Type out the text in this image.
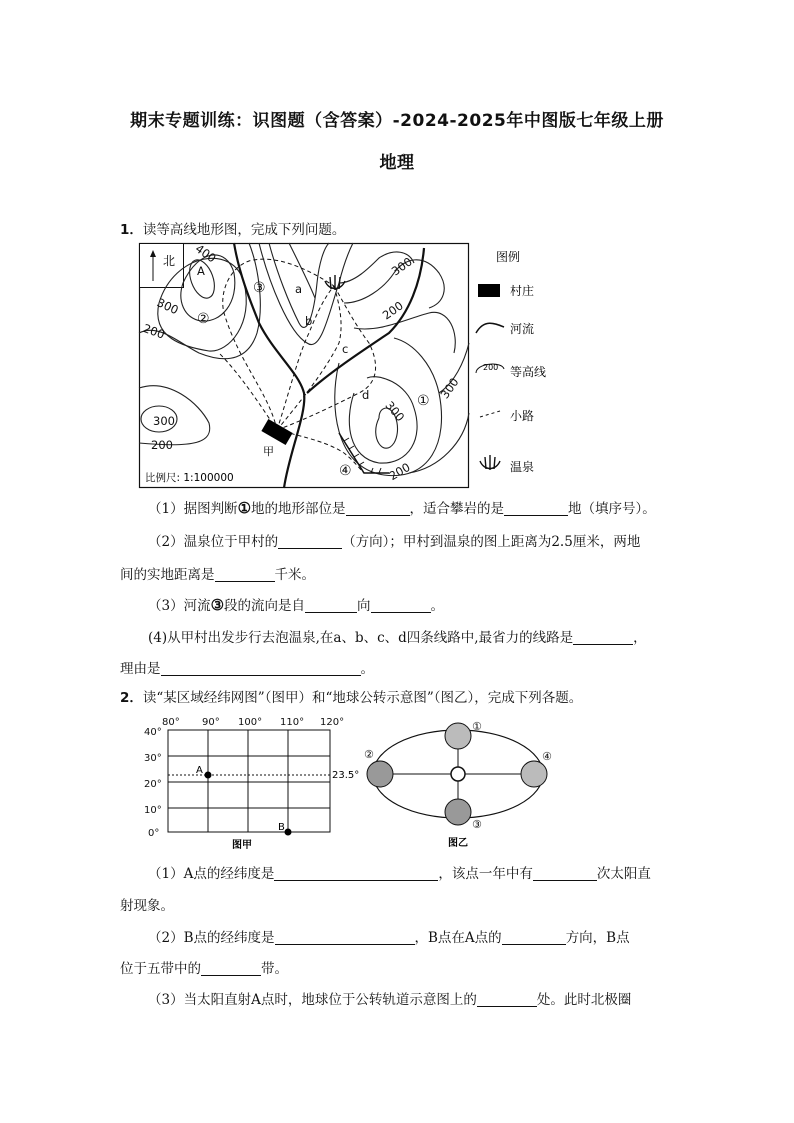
期末专题训练：识图题（含答案）-2024-2025年中图版七年级上册
地理
1．读等高线地形图，完成下列问题。
北
甲
A
400
300
200
300
200
300
300
200
300
200
a
b
c
d	①
②
③
④
比例尺: 1:100000
图例
村庄
河流
200 等高线
小路
温泉
（1）据图判断①地的地形部位是	，适合攀岩的是	地（填序号）。
（2）温泉位于甲村的	（方向）；甲村到温泉的图上距离为2.5厘米，两地
间的实地距离是	千米。
（3）河流③段的流向是自	向	。
(4)从甲村出发步行去泡温泉,在a、b、c、d四条线路中,最省力的线路是	，
理由是	。
2．读“某区域经纬网图”（图甲）和“地球公转示意图”（图乙），完成下列各题。
80° 90° 100° 110° 120°
40°
30°
20°
10°
0°
23.5°
A
B
图甲
①
②
③
④
图乙
（1）A点的经纬度是	，该点一年中有	次太阳直
射现象。
（2）B点的经纬度是	，B点在A点的	方向，B点
位于五带中的	带。
（3）当太阳直射A点时，地球位于公转轨道示意图上的	处。此时北极圈
